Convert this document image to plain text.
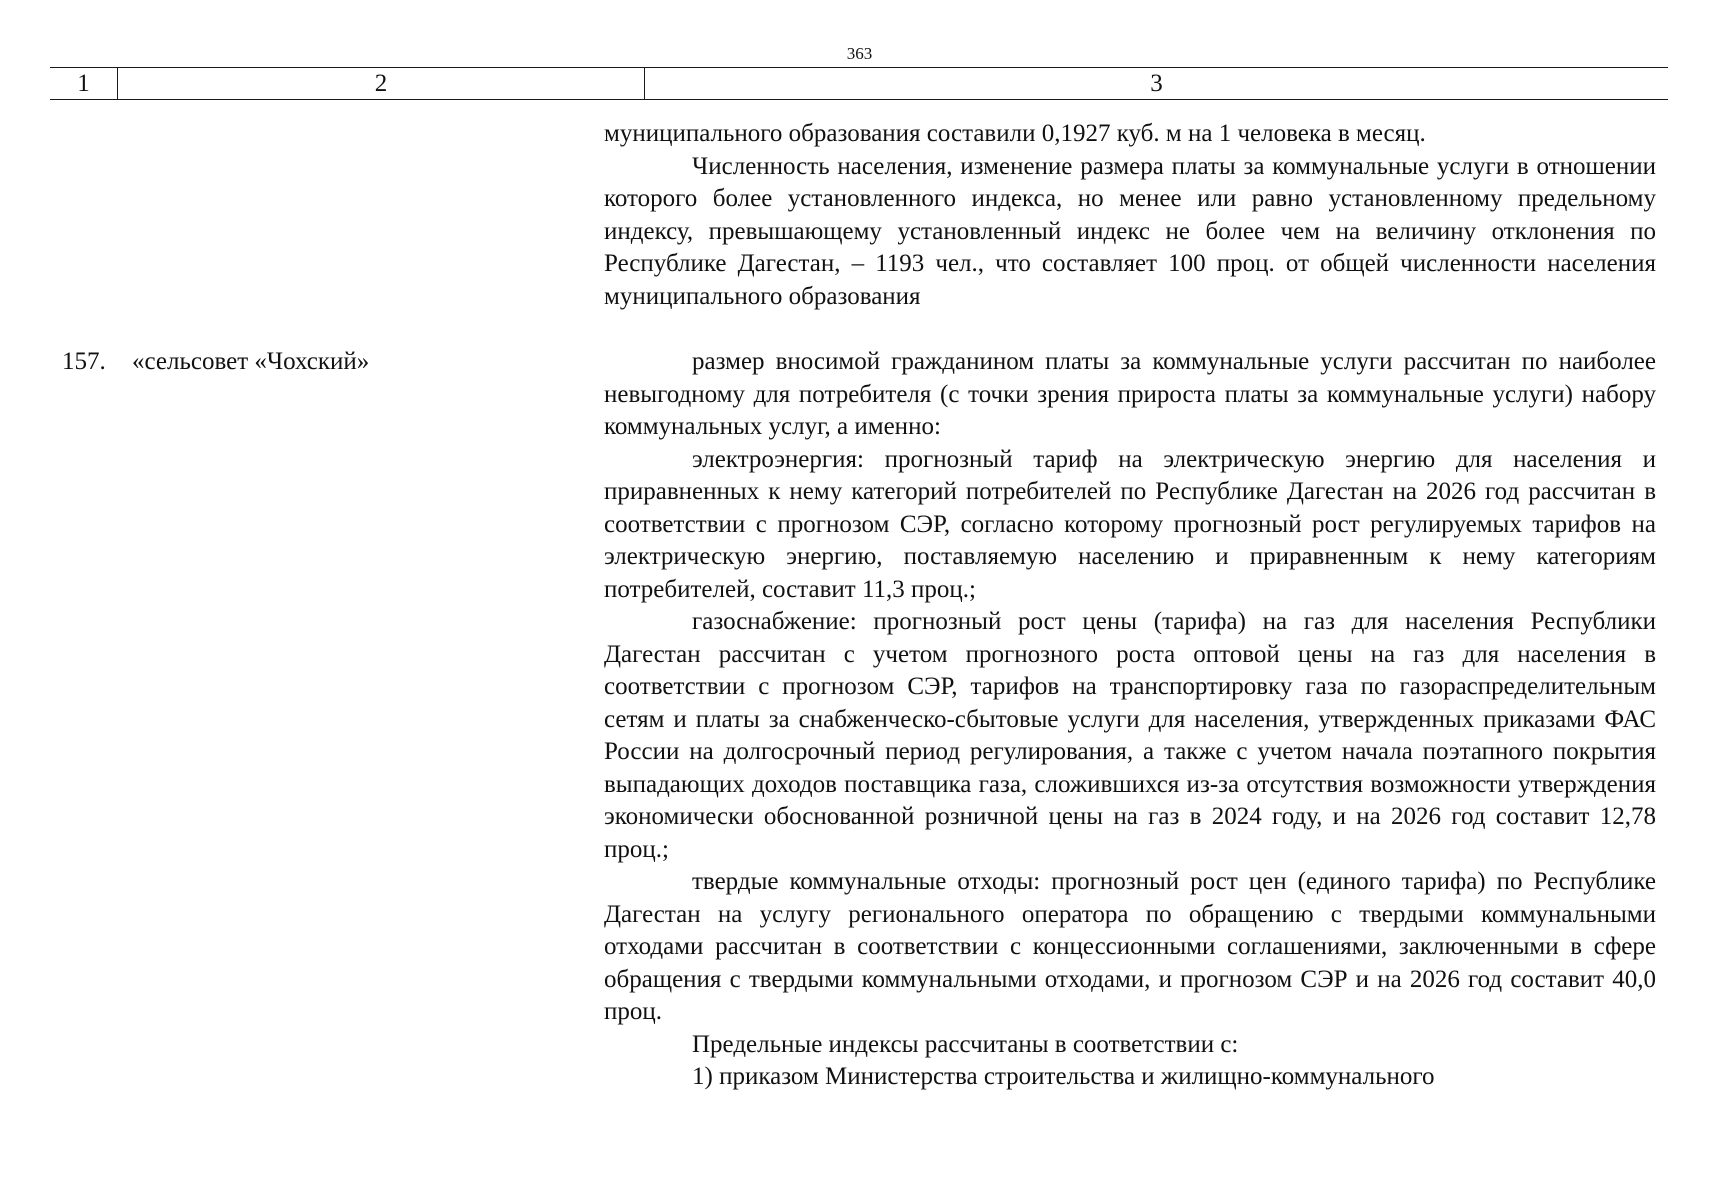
363
1	2	3

муниципального образования составили 0,1927 куб. м на 1 человека в месяц.

Численность населения, изменение размера платы за коммунальные услуги в отношении которого более установленного индекса, но менее или равно установленному предельному индексу, превышающему установленный индекс не более чем на величину отклонения по Республике Дагестан, – 1193 чел., что составляет 100 проц. от общей численности населения муниципального образования

157. «сельсовет «Чохский»	размер вносимой гражданином платы за коммунальные услуги рассчитан по наиболее невыгодному для потребителя (с точки зрения прироста платы за коммунальные услуги) набору коммунальных услуг, а именно:

электроэнергия: прогнозный тариф на электрическую энергию для населения и приравненных к нему категорий потребителей по Республике Дагестан на 2026 год рассчитан в соответствии с прогнозом СЭР, согласно которому прогнозный рост регулируемых тарифов на электрическую энергию, поставляемую населению и приравненным к нему категориям потребителей, составит 11,3 проц.;

газоснабжение: прогнозный рост цены (тарифа) на газ для населения Республики Дагестан рассчитан с учетом прогнозного роста оптовой цены на газ для населения в соответствии с прогнозом СЭР, тарифов на транспортировку газа по газораспределительным сетям и платы за снабженческо-сбытовые услуги для населения, утвержденных приказами ФАС России на долгосрочный период регулирования, а также с учетом начала поэтапного покрытия выпадающих доходов поставщика газа, сложившихся из-за отсутствия возможности утверждения экономически обоснованной розничной цены на газ в 2024 году, и на 2026 год составит 12,78 проц.;

твердые коммунальные отходы: прогнозный рост цен (единого тарифа) по Республике Дагестан на услугу регионального оператора по обращению с твердыми коммунальными отходами рассчитан в соответствии с концессионными соглашениями, заключенными в сфере обращения с твердыми коммунальными отходами, и прогнозом СЭР и на 2026 год составит 40,0 проц.

Предельные индексы рассчитаны в соответствии с:

1) приказом Министерства строительства и жилищно-коммунального
